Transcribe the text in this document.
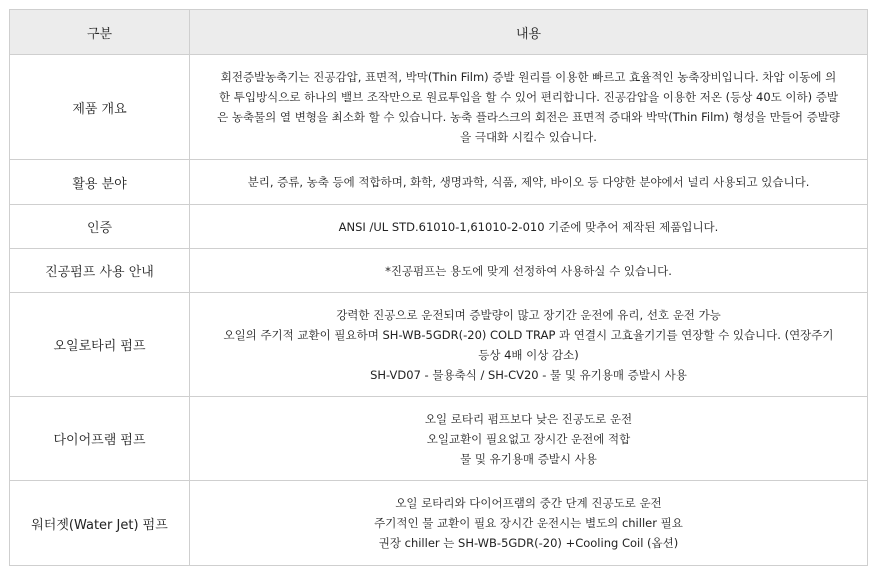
구분	내용
제품 개요	회전증발농축기는 진공감압, 표면적, 박막(Thin Film) 증발 원리를 이용한 빠르고 효율적인 농축장비입니다. 차압 이동에 의
한 투입방식으로 하나의 밸브 조작만으로 원료투입을 할 수 있어 편리합니다. 진공감압을 이용한 저온 (등상 40도 이하) 증발
은 농축물의 열 변형을 최소화 할 수 있습니다. 농축 플라스크의 회전은 표면적 증대와 박막(Thin Film) 형성을 만들어 증발량
을 극대화 시킬수 있습니다.

활용 분야	분리, 증류, 농축 등에 적합하며, 화학, 생명과학, 식품, 제약, 바이오 등 다양한 분야에서 널리 사용되고 있습니다.

인증	ANSI /UL STD.61010-1,61010-2-010 기준에 맞추어 제작된 제품입니다.

진공펌프 사용 안내	*진공펌프는 용도에 맞게 선정하여 사용하실 수 있습니다.

오일로타리 펌프	강력한 진공으로 운전되며 증발량이 많고 장기간 운전에 유리, 선호 운전 가능
오일의 주기적 교환이 필요하며 SH-WB-5GDR(-20) COLD TRAP 과 연결시 고효율기기를 연장할 수 있습니다. (연장주기
등상 4배 이상 감소)
SH-VD07 - 물용축식 / SH-CV20 - 물 및 유기용매 증발시 사용

다이어프램 펌프	오일 로타리 펌프보다 낮은 진공도로 운전
오일교환이 필요없고 장시간 운전에 적합
물 및 유기용매 증발시 사용

워터젯(Water Jet) 펌프	오일 로타리와 다이어프램의 중간 단계 진공도로 운전
주기적인 물 교환이 필요 장시간 운전시는 별도의 chiller 필요
권장 chiller 는 SH-WB-5GDR(-20) +Cooling Coil (옵션)
